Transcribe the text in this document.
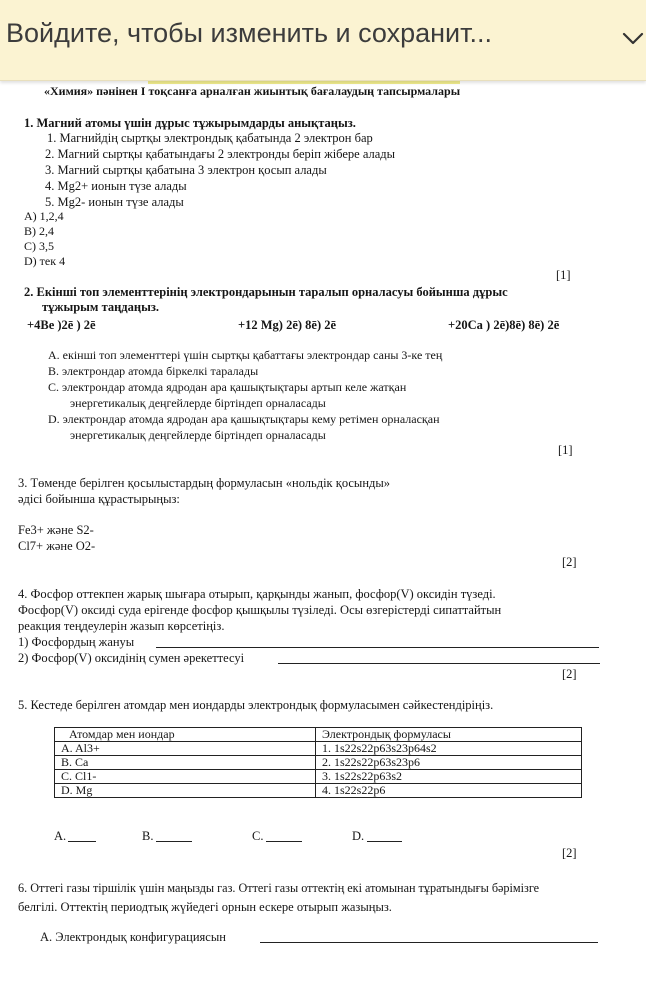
«Химия» пәнінен I тоқсанға арналған жиынтық бағалаудың тапсырмалары
1. Магний атомы үшін дұрыс тұжырымдарды анықтаңыз.
1. Магнийдің сыртқы электрондық қабатында 2 электрон бар
2. Магний сыртқы қабатындағы 2 электронды беріп жібере алады
3. Магний сыртқы қабатына 3 электрон қосып алады
4. Mg2+ ионын түзе алады
5. Mg2- ионын түзе алады
A) 1,2,4
B) 2,4
C) 3,5
D) тек 4
[1]
2. Екінші топ элементтерінің электрондарынын таралып орналасуы бойынша дұрыс
тұжырым таңдаңыз.
+4Be )2ē ) 2ē	+12 Mg) 2ē) 8ē) 2ē	+20Ca ) 2ē)8ē) 8ē) 2ē
A. екінші топ элементтері үшін сыртқы қабаттағы электрондар саны 3-ке тең
B. электрондар атомда біркелкі таралады
C. электрондар атомда ядродан ара қашықтықтары артып келе жатқан
энергетикалық деңгейлерде біртіндеп орналасады
D. электрондар атомда ядродан ара қашықтықтары кему ретімен орналасқан
энергетикалық деңгейлерде біртіндеп орналасады
[1]
3. Төменде берілген қосылыстардың формуласын «нольдік қосынды»
әдісі бойынша құрастырыңыз:
Fe3+ және S2-
Cl7+ және O2-
[2]
4. Фосфор оттекпен жарық шығара отырып, қарқынды жанып, фосфор(V) оксидін түзеді.
Фосфор(V) оксиді суда ерігенде фосфор қышқылы түзіледі. Осы өзгерістерді сипаттайтын
реакция теңдеулерін жазып көрсетіңіз.
1) Фосфордың жануы
2) Фосфор(V) оксидінің сумен әрекеттесуі
[2]
5. Кестеде берілген атомдар мен иондарды электрондық формуласымен сәйкестендіріңіз.
Атомдар мен иондар	Электрондық формуласы
A. Al3+	1. 1s22s22p63s23p64s2
B. Ca	2. 1s22s22p63s23p6
C. Cl1-	3. 1s22s22p63s2
D. Mg	4. 1s22s22p6
A.	B.	C.	D.
[2]
6. Оттегі газы тіршілік үшін маңызды газ. Оттегі газы оттектің екі атомынан тұратындығы бәрімізге
белгілі. Оттектің периодтық жүйедегі орнын ескере отырып жазыңыз.
A. Электрондық конфигурациясын
Войдите, чтобы изменить и сохранит...
